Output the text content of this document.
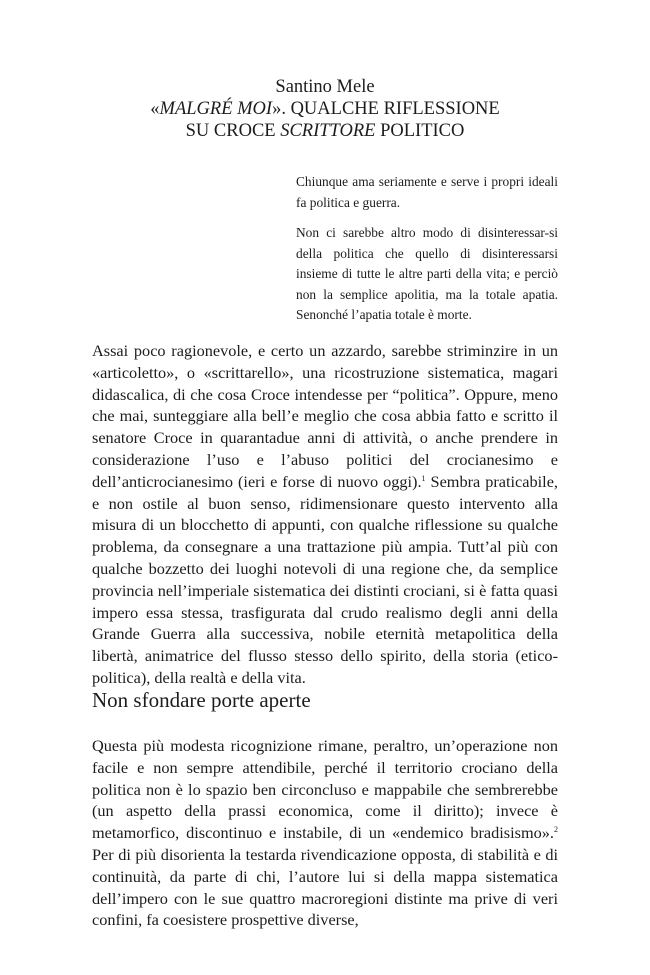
Santino Mele
«MALGRÉ MOI». QUALCHE RIFLESSIONE
SU CROCE SCRITTORE POLITICO

Chiunque ama seriamente e serve i propri ideali fa politica e guerra.

Non ci sarebbe altro modo di disinteressar-si della politica che quello di disinteressarsi insieme di tutte le altre parti della vita; e perciò non la semplice apolitia, ma la totale apatia. Senonché l’apatia totale è morte.

Assai poco ragionevole, e certo un azzardo, sarebbe striminzire in un «articoletto», o «scrittarello», una ricostruzione sistematica, magari didascalica, di che cosa Croce intendesse per “politica”. Oppure, meno che mai, sunteggiare alla bell’e meglio che cosa abbia fatto e scritto il senatore Croce in quarantadue anni di attività, o anche prendere in considerazione l’uso e l’abuso politici del crocianesimo e dell’anticrocianesimo (ieri e forse di nuovo oggi).$^1$ Sembra praticabile, e non ostile al buon senso, ridimensionare questo intervento alla misura di un blocchetto di appunti, con qualche riflessione su qualche problema, da consegnare a una trattazione più ampia. Tutt’al più con qualche bozzetto dei luoghi notevoli di una regione che, da semplice provincia nell’imperiale sistematica dei distinti crociani, si è fatta quasi impero essa stessa, trasfigurata dal crudo realismo degli anni della Grande Guerra alla successiva, nobile eternità metapolitica della libertà, animatrice del flusso stesso dello spirito, della storia (etico-politica), della realtà e della vita.

Non sfondare porte aperte

Questa più modesta ricognizione rimane, peraltro, un’operazione non facile e non sempre attendibile, perché il territorio crociano della politica non è lo spazio ben circoncluso e mappabile che sembrerebbe (un aspetto della prassi economica, come il diritto); invece è metamorfico, discontinuo e instabile, di un «endemico bradisismo».$^2$ Per di più disorienta la testarda rivendicazione opposta, di stabilità e di continuità, da parte di chi, l’autore lui si della mappa sistematica dell’impero con le sue quattro macroregioni distinte ma prive di veri confini, fa coesistere prospettive diverse,
